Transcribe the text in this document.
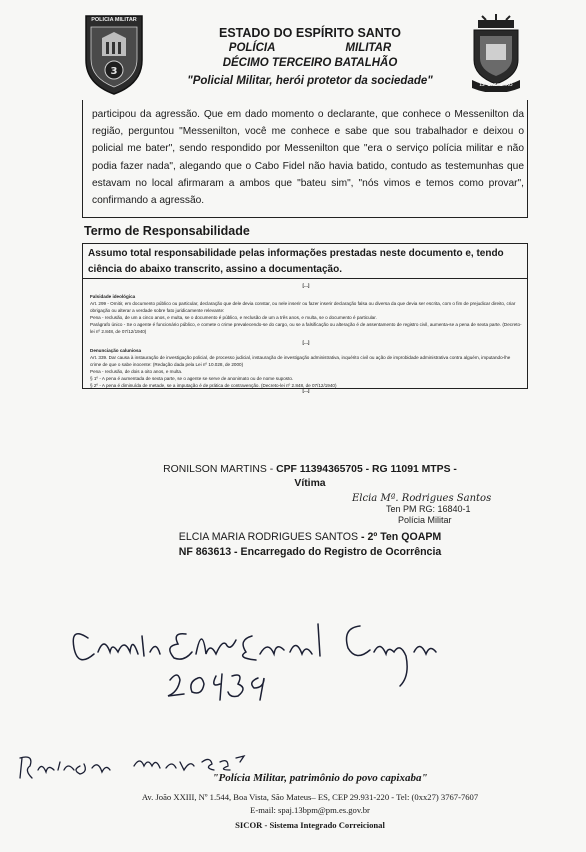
3
POLICIA MILITAR
ESTADO DO ESPÍRITO SANTO
POLÍCIA	MILITAR
DÉCIMO TERCEIRO BATALHÃO
"Policial Militar, herói protetor da sociedade"	13º BATALHÃO
participou da agressão. Que em dado momento o declarante, que conhece o Messenilton da região, perguntou "Messenilton, você me conhece e sabe que sou trabalhador e deixou o policial me bater", sendo respondido por Messenilton que "era o serviço polícia militar e não podia fazer nada", alegando que o Cabo Fidel não havia batido, contudo as testemunhas que estavam no local afirmaram a ambos que "bateu sim", "nós vimos e temos como provar", confirmando a agressão.
Termo de Responsabilidade
Assumo total responsabilidade pelas informações prestadas neste documento e, tendo ciência do abaixo transcrito, assino a documentação.
[...]
Falsidade ideológica
Art. 299 - Omitir, em documento público ou particular, declaração que dele devia constar, ou nele inserir ou fazer inserir declaração falsa ou diversa da que devia ser escrita, com o fim de prejudicar direito, criar obrigação ou alterar a verdade sobre fato juridicamente relevante:
Pena - reclusão, de um a cinco anos, e multa, se o documento é público, e reclusão de um a três anos, e multa, se o documento é particular.
Parágrafo único - Se o agente é funcionário público, e comete o crime prevalecendo-se do cargo, ou se a falsificação ou alteração é de assentamento de registro civil, aumenta-se a pena de sexta parte. (Decreto-lei nº 2.848, de 07/12/1940)
[...]
Denunciação caluniosa
Art. 339. Dar causa à instauração de investigação policial, de processo judicial, instauração de investigação administrativa, inquérito civil ou ação de improbidade administrativa contra alguém, imputando-lhe crime de que o sabe inocente: (Redação dada pela Lei nº 10.028, de 2000)
Pena - reclusão, de dois a oito anos, e multa.
§ 1º - A pena é aumentada de sexta parte, se o agente se serve de anonimato ou de nome suposto.
§ 2º - A pena é diminuída de metade, se a imputação é de prática de contravenção. (Decreto-lei nº 2.848, de 07/12/1940)
[...]
RONILSON MARTINS - CPF 11394365705 - RG 11091 MTPS -
Vítima
Elcia Mª. Rodrigues Santos
Ten PM RG: 16840-1
Polícia Militar
ELCIA MARIA RODRIGUES SANTOS - 2º Ten QOAPM
NF 863613 - Encarregado do Registro de Ocorrência
"Polícia Militar, patrimônio do povo capixaba"
Av. João XXIII, Nº 1.544, Boa Vista, São Mateus– ES, CEP 29.931-220 - Tel: (0xx27) 3767-7607
E-mail: spaj.13bpm@pm.es.gov.br
SICOR - Sistema Integrado Correicional
